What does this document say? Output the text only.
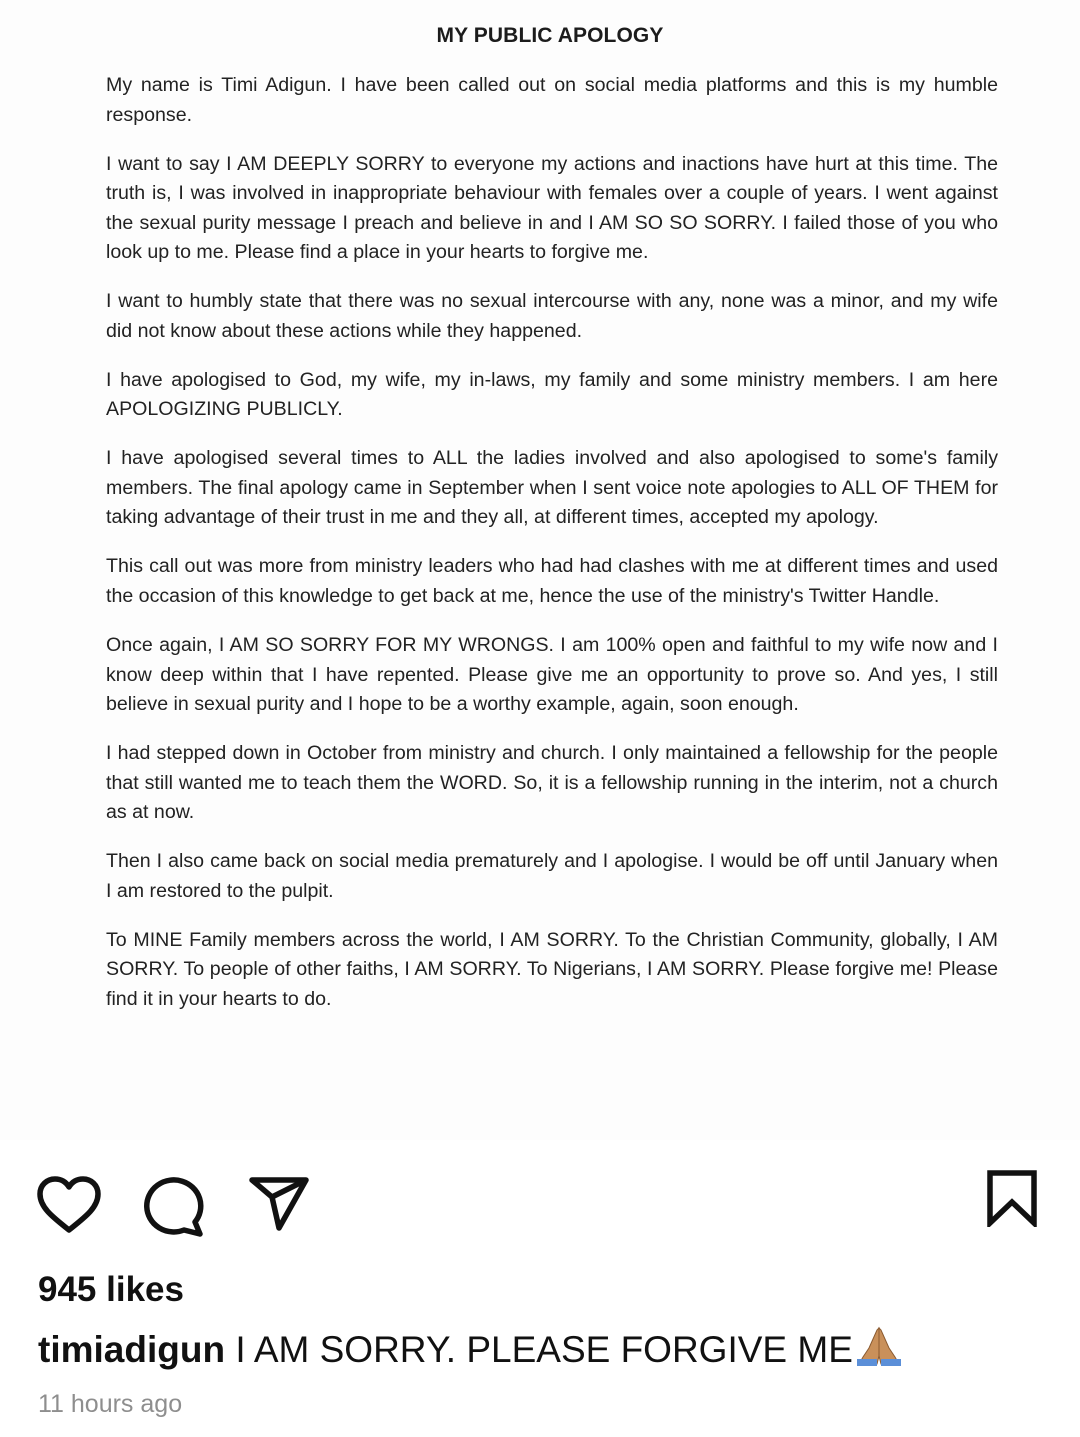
MY PUBLIC APOLOGY

My name is Timi Adigun. I have been called out on social media platforms and this is my humble response.

I want to say I AM DEEPLY SORRY to everyone my actions and inactions have hurt at this time. The truth is, I was involved in inappropriate behaviour with females over a couple of years. I went against the sexual purity message I preach and believe in and I AM SO SO SORRY. I failed those of you who look up to me. Please find a place in your hearts to forgive me.

I want to humbly state that there was no sexual intercourse with any, none was a minor, and my wife did not know about these actions while they happened.

I have apologised to God, my wife, my in-laws, my family and some ministry members. I am here APOLOGIZING PUBLICLY.

I have apologised several times to ALL the ladies involved and also apologised to some's family members. The final apology came in September when I sent voice note apologies to ALL OF THEM for taking advantage of their trust in me and they all, at different times, accepted my apology.

This call out was more from ministry leaders who had had clashes with me at different times and used the occasion of this knowledge to get back at me, hence the use of the ministry's Twitter Handle.

Once again, I AM SO SORRY FOR MY WRONGS. I am 100% open and faithful to my wife now and I know deep within that I have repented. Please give me an opportunity to prove so. And yes, I still believe in sexual purity and I hope to be a worthy example, again, soon enough.

I had stepped down in October from ministry and church. I only maintained a fellowship for the people that still wanted me to teach them the WORD. So, it is a fellowship running in the interim, not a church as at now.

Then I also came back on social media prematurely and I apologise. I would be off until January when I am restored to the pulpit.

To MINE Family members across the world, I AM SORRY. To the Christian Community, globally, I AM SORRY. To people of other faiths, I AM SORRY. To Nigerians, I AM SORRY. Please forgive me! Please find it in your hearts to do.

945 likes
timiadigun I AM SORRY. PLEASE FORGIVE ME
11 hours ago
